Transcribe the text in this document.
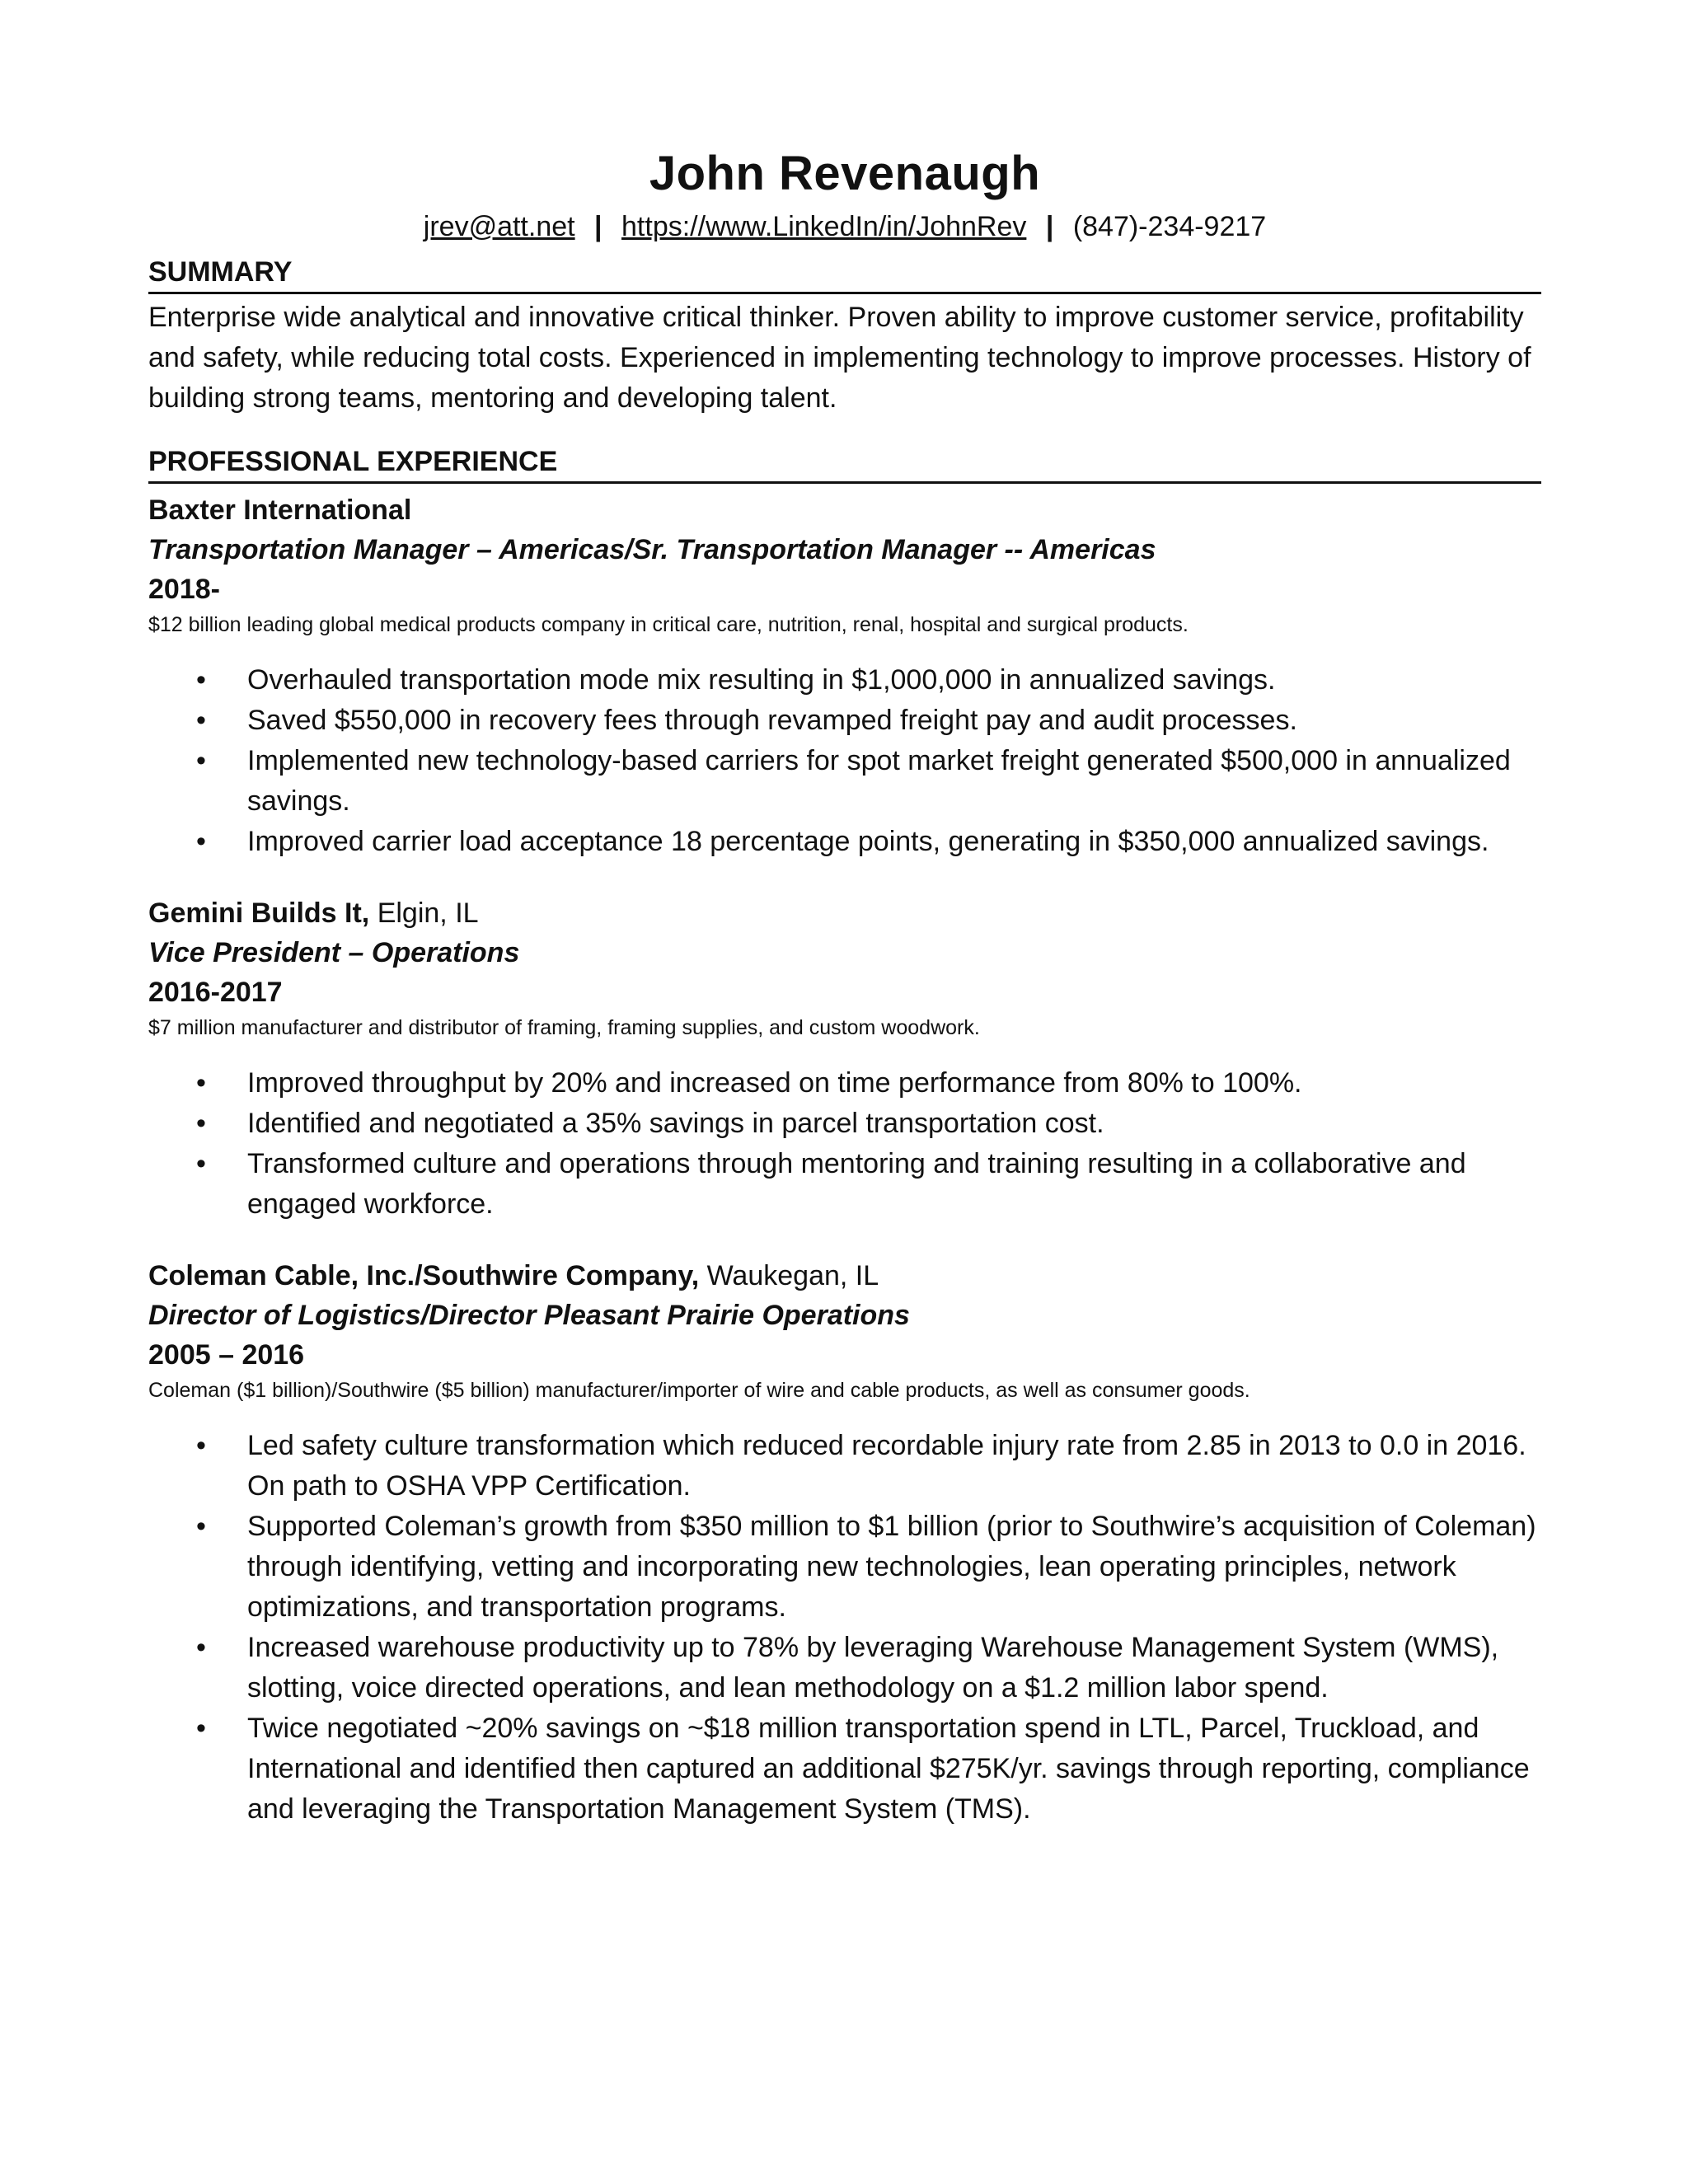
John Revenaugh
jrev@att.net | https://www.LinkedIn/in/JohnRev | (847)-234-9217
SUMMARY
Enterprise wide analytical and innovative critical thinker. Proven ability to improve customer service, profitability and safety, while reducing total costs. Experienced in implementing technology to improve processes. History of building strong teams, mentoring and developing talent.
PROFESSIONAL EXPERIENCE
Baxter International
Transportation Manager – Americas/Sr. Transportation Manager -- Americas
2018-
$12 billion leading global medical products company in critical care, nutrition, renal, hospital and surgical products.
• Overhauled transportation mode mix resulting in $1,000,000 in annualized savings.
• Saved $550,000 in recovery fees through revamped freight pay and audit processes.
• Implemented new technology-based carriers for spot market freight generated $500,000 in annualized savings.
• Improved carrier load acceptance 18 percentage points, generating in $350,000 annualized savings.
Gemini Builds It, Elgin, IL
Vice President – Operations
2016-2017
$7 million manufacturer and distributor of framing, framing supplies, and custom woodwork.
• Improved throughput by 20% and increased on time performance from 80% to 100%.
• Identified and negotiated a 35% savings in parcel transportation cost.
• Transformed culture and operations through mentoring and training resulting in a collaborative and engaged workforce.
Coleman Cable, Inc./Southwire Company, Waukegan, IL
Director of Logistics/Director Pleasant Prairie Operations
2005 – 2016
Coleman ($1 billion)/Southwire ($5 billion) manufacturer/importer of wire and cable products, as well as consumer goods.
• Led safety culture transformation which reduced recordable injury rate from 2.85 in 2013 to 0.0 in 2016. On path to OSHA VPP Certification.
• Supported Coleman’s growth from $350 million to $1 billion (prior to Southwire’s acquisition of Coleman) through identifying, vetting and incorporating new technologies, lean operating principles, network optimizations, and transportation programs.
• Increased warehouse productivity up to 78% by leveraging Warehouse Management System (WMS), slotting, voice directed operations, and lean methodology on a $1.2 million labor spend.
• Twice negotiated ~20% savings on ~$18 million transportation spend in LTL, Parcel, Truckload, and International and identified then captured an additional $275K/yr. savings through reporting, compliance and leveraging the Transportation Management System (TMS).
